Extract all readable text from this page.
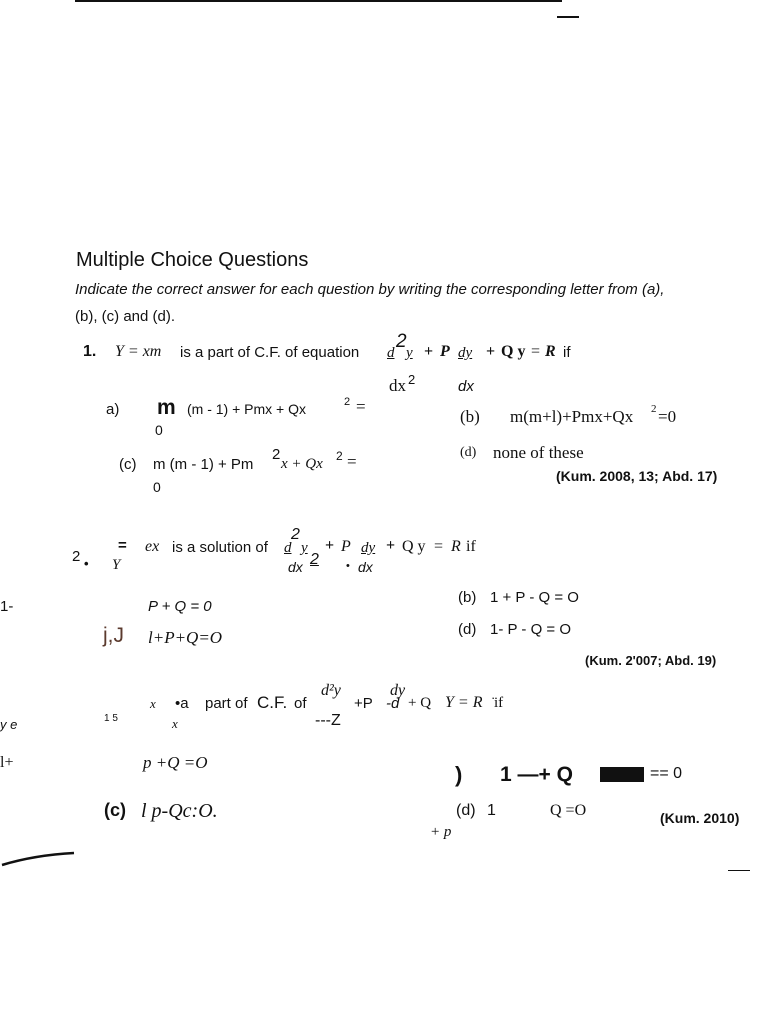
Multiple Choice Questions
Indicate the correct answer for each question by writing the corresponding letter from (a),
(b), (c) and (d).
1. Y = xm is a part of C.F. of equation d
2
y + P dy + Q y = R if
dx 2	dx
a) m (m - 1) + Pmx + Qx	2 =
0
(b) m(m+l)+Pmx+Qx 2 =0
(c) m (m - 1) + Pm
2
x + Qx 2 =
0
(d) none of these
(Kum. 2008, 13; Abd. 17)
2 •
=
Y
ex is a solution of d
2
y + P dy + Q y = R if
dx 2 • dx
1-	P + Q = 0
(b) 1 + P - Q = O
j,J l+P+Q=O	(d) 1- P - Q = O
(Kum. 2'007; Abd. 19)
y e	1 5
l+
x
x
•a part of C.F. of
d²y
---Z
+P
dy
-d + Q Y = R ·
if
p +Q =O	) 1 —+ Q	== 0
(c) l p-Qc:O.	(d) 1	Q =O
+ p
(Kum. 2010)
